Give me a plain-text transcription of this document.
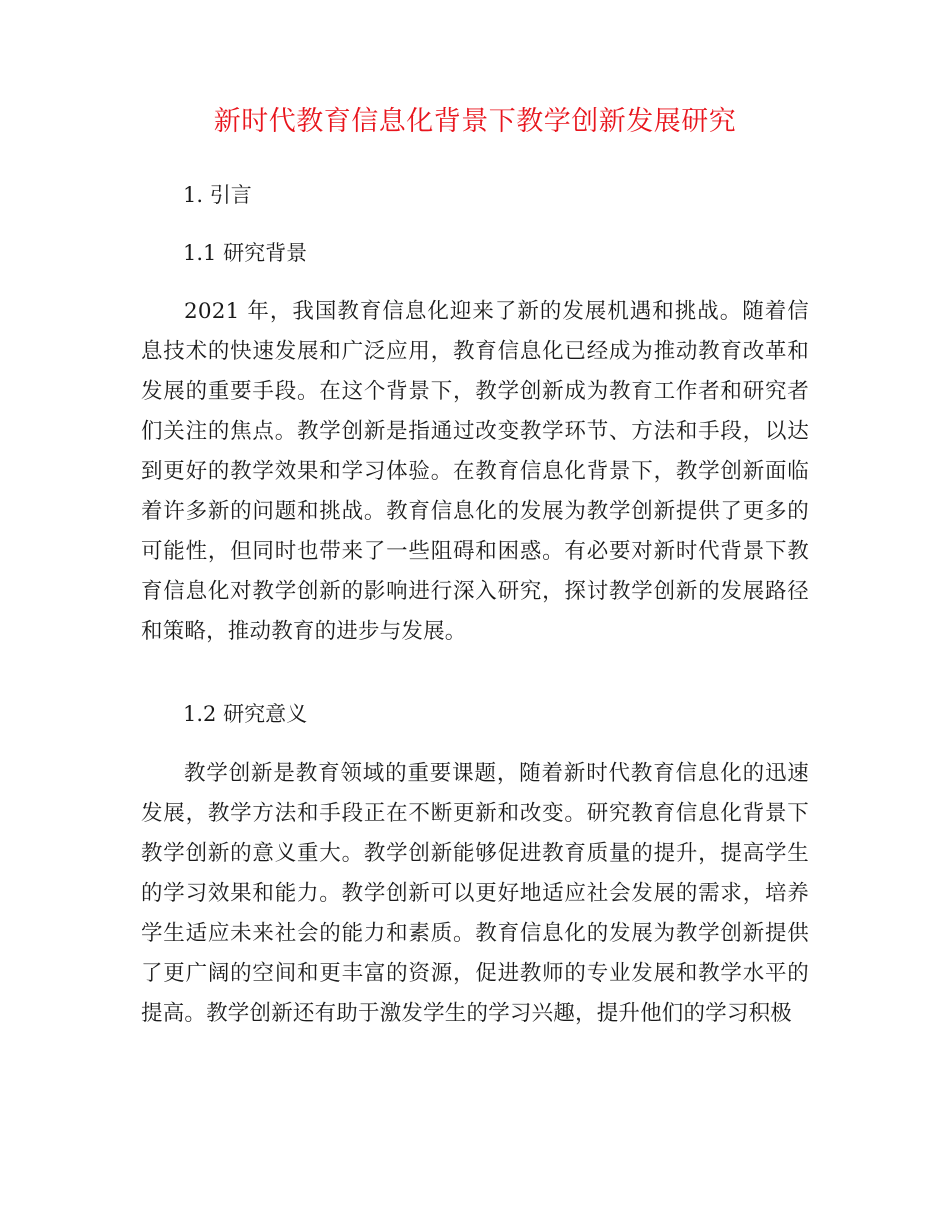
新时代教育信息化背景下教学创新发展研究
1. 引言
1.1 研究背景

2021 年，我国教育信息化迎来了新的发展机遇和挑战。随着信息技术的快速发展和广泛应用，教育信息化已经成为推动教育改革和发展的重要手段。在这个背景下，教学创新成为教育工作者和研究者们关注的焦点。教学创新是指通过改变教学环节、方法和手段，以达到更好的教学效果和学习体验。在教育信息化背景下，教学创新面临着许多新的问题和挑战。教育信息化的发展为教学创新提供了更多的可能性，但同时也带来了一些阻碍和困惑。有必要对新时代背景下教育信息化对教学创新的影响进行深入研究，探讨教学创新的发展路径和策略，推动教育的进步与发展。

1.2 研究意义

教学创新是教育领域的重要课题，随着新时代教育信息化的迅速发展，教学方法和手段正在不断更新和改变。研究教育信息化背景下教学创新的意义重大。教学创新能够促进教育质量的提升，提高学生的学习效果和能力。教学创新可以更好地适应社会发展的需求，培养学生适应未来社会的能力和素质。教育信息化的发展为教学创新提供了更广阔的空间和更丰富的资源，促进教师的专业发展和教学水平的提高。教学创新还有助于激发学生的学习兴趣，提升他们的学习积极
